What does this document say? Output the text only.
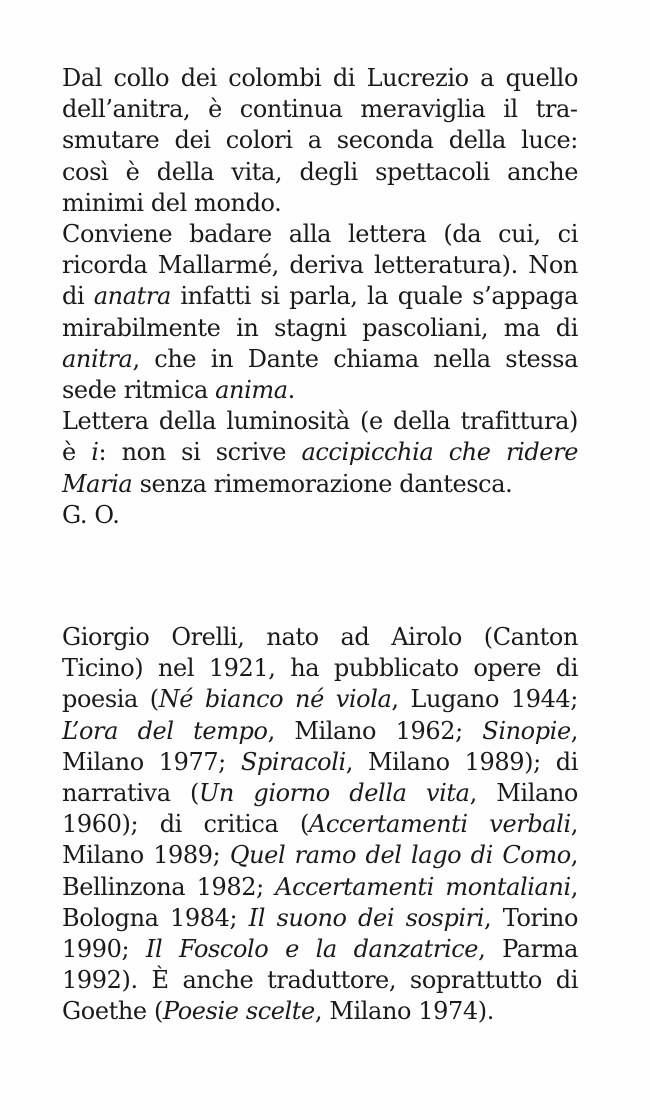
Dal collo dei colombi di Lucrezio a quello dell’anitra, è continua meraviglia il trasmutare dei colori a seconda della luce: così è della vita, degli spettacoli anche minimi del mondo.

Conviene badare alla lettera (da cui, ci ricorda Mallarmé, deriva letteratura). Non di anatra infatti si parla, la quale s’appaga mirabilmente in stagni pascoliani, ma di anitra, che in Dante chiama nella stessa sede ritmica anima.

Lettera della luminosità (e della trafittura) è i: non si scrive accipicchia che ridere Maria senza rimemorazione dantesca.

G. O.

Giorgio Orelli, nato ad Airolo (Canton Ticino) nel 1921, ha pubblicato opere di poesia (Né bianco né viola, Lugano 1944; L’ora del tempo, Milano 1962; Sinopie, Milano 1977; Spiracoli, Milano 1989); di narrativa (Un giorno della vita, Milano 1960); di critica (Accertamenti verbali, Milano 1989; Quel ramo del lago di Como, Bellinzona 1982; Accertamenti montaliani, Bologna 1984; Il suono dei sospiri, Torino 1990; Il Foscolo e la danzatrice, Parma 1992). È anche traduttore, soprattutto di Goethe (Poesie scelte, Milano 1974).
